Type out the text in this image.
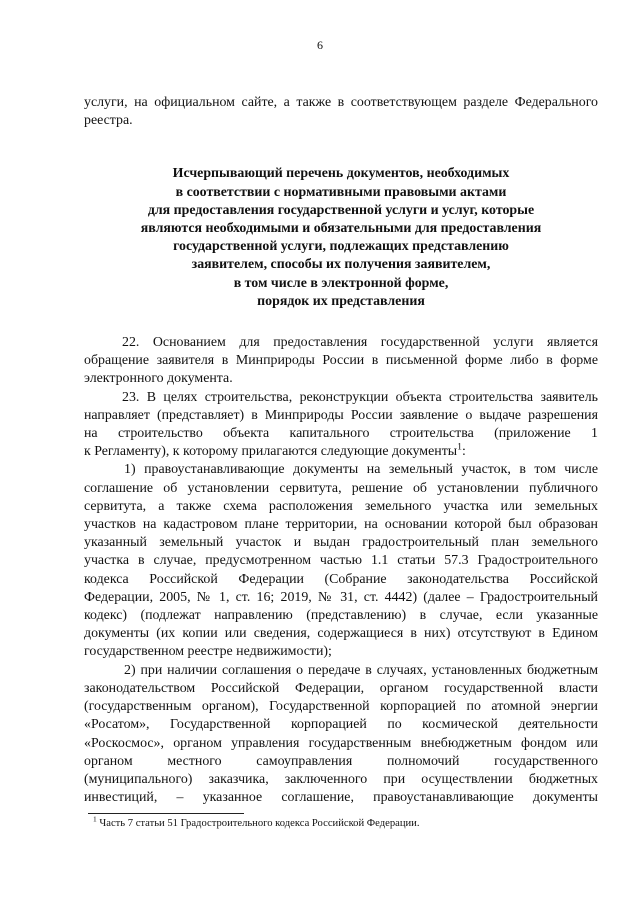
6
услуги, на официальном сайте, а также в соответствующем разделе Федерального
реестра.
Исчерпывающий перечень документов, необходимых
в соответствии с нормативными правовыми актами
для предоставления государственной услуги и услуг, которые
являются необходимыми и обязательными для предоставления
государственной услуги, подлежащих представлению
заявителем, способы их получения заявителем,
в том числе в электронной форме,
порядок их представления
22. Основанием для предоставления государственной услуги является
обращение заявителя в Минприроды России в письменной форме либо в форме
электронного документа.
23. В целях строительства, реконструкции объекта строительства заявитель
направляет (представляет) в Минприроды России заявление о выдаче разрешения
на строительство объекта капитального строительства (приложение 1
к Регламенту), к которому прилагаются следующие документы$^1$:
1) правоустанавливающие документы на земельный участок, в том числе
соглашение об установлении сервитута, решение об установлении публичного
сервитута, а также схема расположения земельного участка или земельных
участков на кадастровом плане территории, на основании которой был образован
указанный земельный участок и выдан градостроительный план земельного
участка в случае, предусмотренном частью 1.1 статьи 57.3 Градостроительного
кодекса Российской Федерации (Собрание законодательства Российской
Федерации, 2005, № 1, ст. 16; 2019, № 31, ст. 4442) (далее – Градостроительный
кодекс) (подлежат направлению (представлению) в случае, если указанные
документы (их копии или сведения, содержащиеся в них) отсутствуют в Едином
государственном реестре недвижимости);
2) при наличии соглашения о передаче в случаях, установленных бюджетным
законодательством Российской Федерации, органом государственной власти
(государственным органом), Государственной корпорацией по атомной энергии
«Росатом», Государственной корпорацией по космической деятельности
«Роскосмос», органом управления государственным внебюджетным фондом или
органом местного самоуправления полномочий государственного
(муниципального) заказчика, заключенного при осуществлении бюджетных
инвестиций, – указанное соглашение, правоустанавливающие документы
$^1$ Часть 7 статьи 51 Градостроительного кодекса Российской Федерации.
